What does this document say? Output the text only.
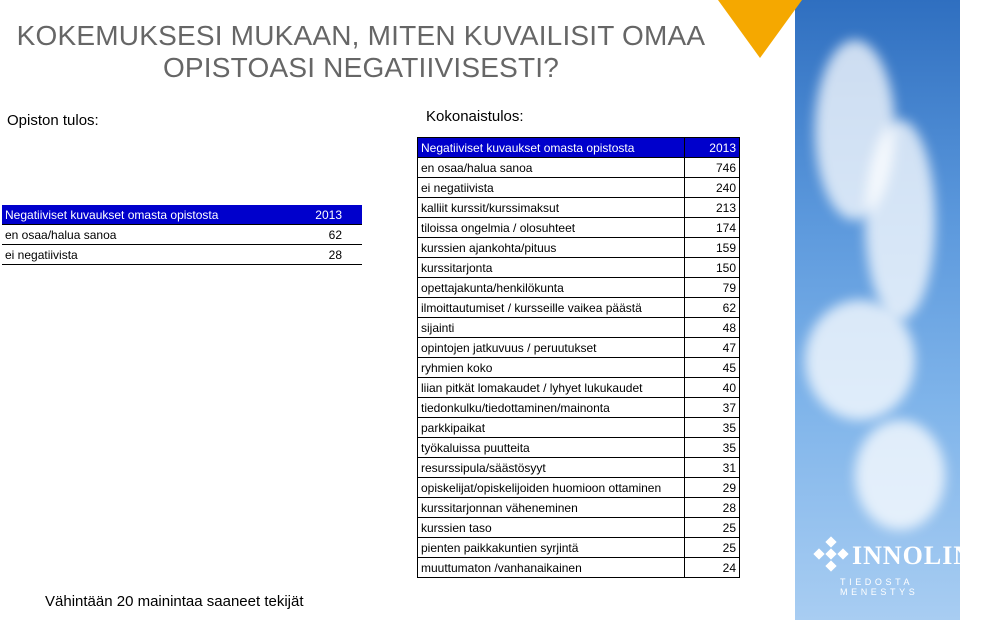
KOKEMUKSESI MUKAAN, MITEN KUVAILISIT OMAA OPISTOASI NEGATIIVISESTI?
Opiston tulos:	Kokonaistulos:
Negatiiviset kuvaukset omasta opistosta	2013
en osaa/halua sanoa	62
ei negatiivista	28
Negatiiviset kuvaukset omasta opistosta	2013
en osaa/halua sanoa	746
ei negatiivista	240
kalliit kurssit/kurssimaksut	213
tiloissa ongelmia / olosuhteet	174
kurssien ajankohta/pituus	159
kurssitarjonta	150
opettajakunta/henkilökunta	79
ilmoittautumiset / kursseille vaikea päästä	62
sijainti	48
opintojen jatkuvuus / peruutukset	47
ryhmien koko	45
liian pitkät lomakaudet / lyhyet lukukaudet	40
tiedonkulku/tiedottaminen/mainonta	37
parkkipaikat	35
työkaluissa puutteita	35
resurssipula/säästösyyt	31
opiskelijat/opiskelijoiden huomioon ottaminen	29
kurssitarjonnan väheneminen	28
kurssien taso	25
pienten paikkakuntien syrjintä	25
muuttumaton /vanhanaikainen	24
Vähintään 20 mainintaa saaneet tekijät
INNOLINK
TIEDOSTA MENESTYS
